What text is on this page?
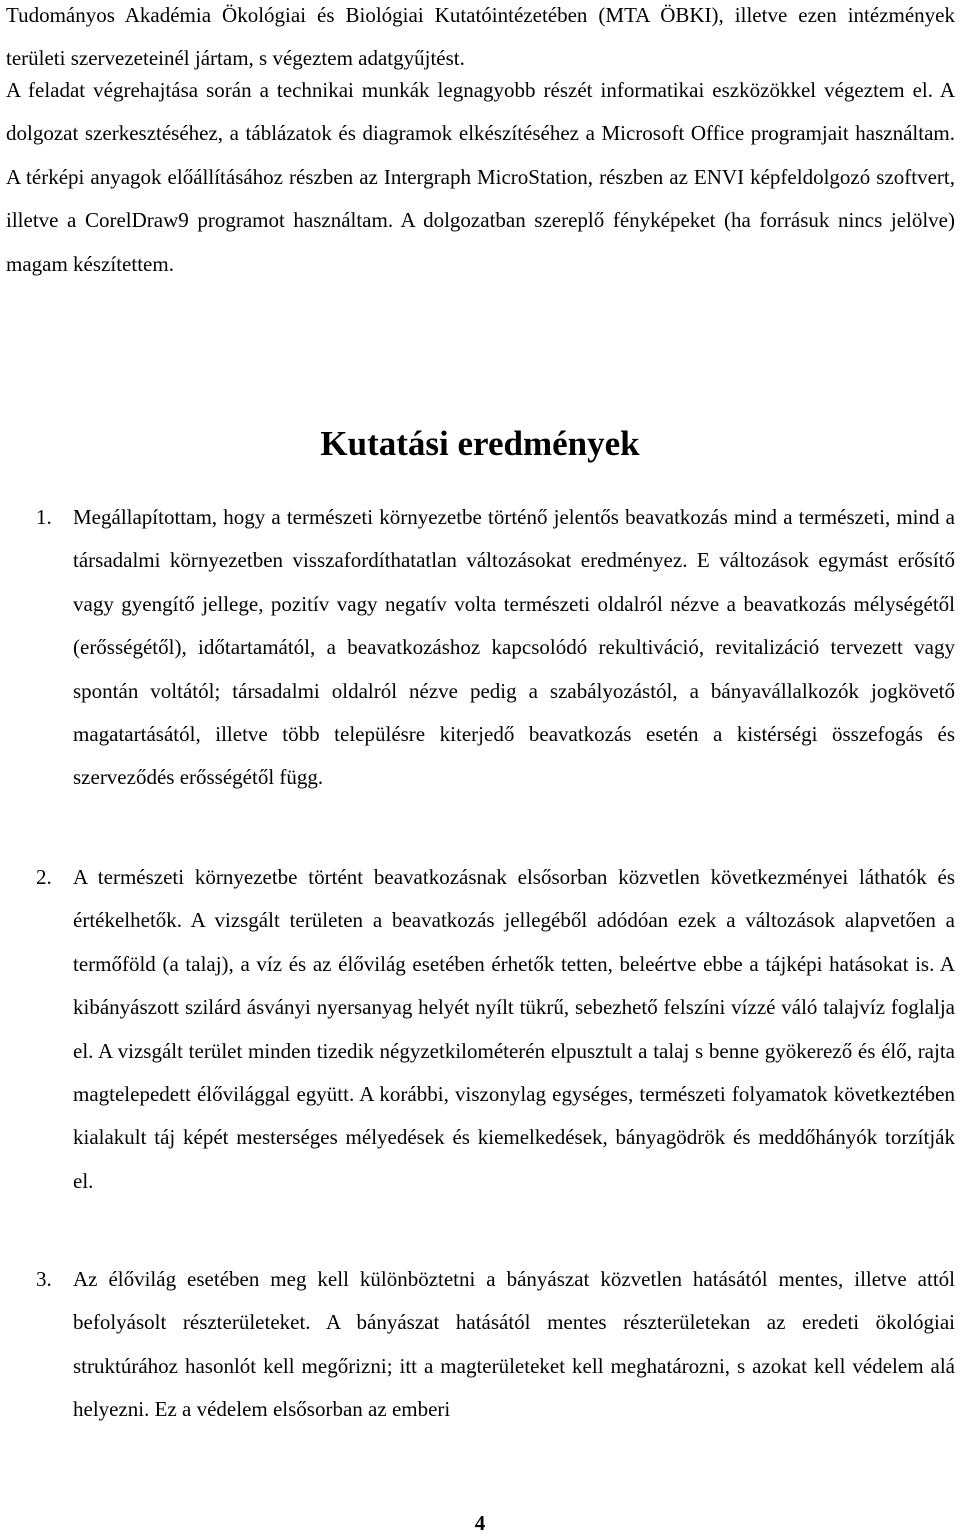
Tudományos Akadémia Ökológiai és Biológiai Kutatóintézetében (MTA ÖBKI), illetve ezen intézmények területi szervezeteinél jártam, s végeztem adatgyűjtést.

A feladat végrehajtása során a technikai munkák legnagyobb részét informatikai eszközökkel végeztem el. A dolgozat szerkesztéséhez, a táblázatok és diagramok elkészítéséhez a Microsoft Office programjait használtam. A térképi anyagok előállításához részben az Intergraph MicroStation, részben az ENVI képfeldolgozó szoftvert, illetve a CorelDraw9 programot használtam. A dolgozatban szereplő fényképeket (ha forrásuk nincs jelölve) magam készítettem.

Kutatási eredmények
1. Megállapítottam, hogy a természeti környezetbe történő jelentős beavatkozás mind a természeti, mind a társadalmi környezetben visszafordíthatatlan változásokat eredményez. E változások egymást erősítő vagy gyengítő jellege, pozitív vagy negatív volta természeti oldalról nézve a beavatkozás mélységétől (erősségétől), időtartamától, a beavatkozáshoz kapcsolódó rekultiváció, revitalizáció tervezett vagy spontán voltától; társadalmi oldalról nézve pedig a szabályozástól, a bányavállalkozók jogkövető magatartásától, illetve több településre kiterjedő beavatkozás esetén a kistérségi összefogás és szerveződés erősségétől függ.

2. A természeti környezetbe történt beavatkozásnak elsősorban közvetlen következményei láthatók és értékelhetők. A vizsgált területen a beavatkozás jellegéből adódóan ezek a változások alapvetően a termőföld (a talaj), a víz és az élővilág esetében érhetők tetten, beleértve ebbe a tájképi hatásokat is. A kibányászott szilárd ásványi nyersanyag helyét nyílt tükrű, sebezhető felszíni vízzé váló talajvíz foglalja el. A vizsgált terület minden tizedik négyzetkilométerén elpusztult a talaj s benne gyökerező és élő, rajta magtelepedett élővilággal együtt. A korábbi, viszonylag egységes, természeti folyamatok következtében kialakult táj képét mesterséges mélyedések és kiemelkedések, bányagödrök és meddőhányók torzítják el.

3. Az élővilág esetében meg kell különböztetni a bányászat közvetlen hatásától mentes, illetve attól befolyásolt részterületeket. A bányászat hatásától mentes részterületekan az eredeti ökológiai struktúrához hasonlót kell megőrizni; itt a magterületeket kell meghatározni, s azokat kell védelem alá helyezni. Ez a védelem elsősorban az emberi

4
